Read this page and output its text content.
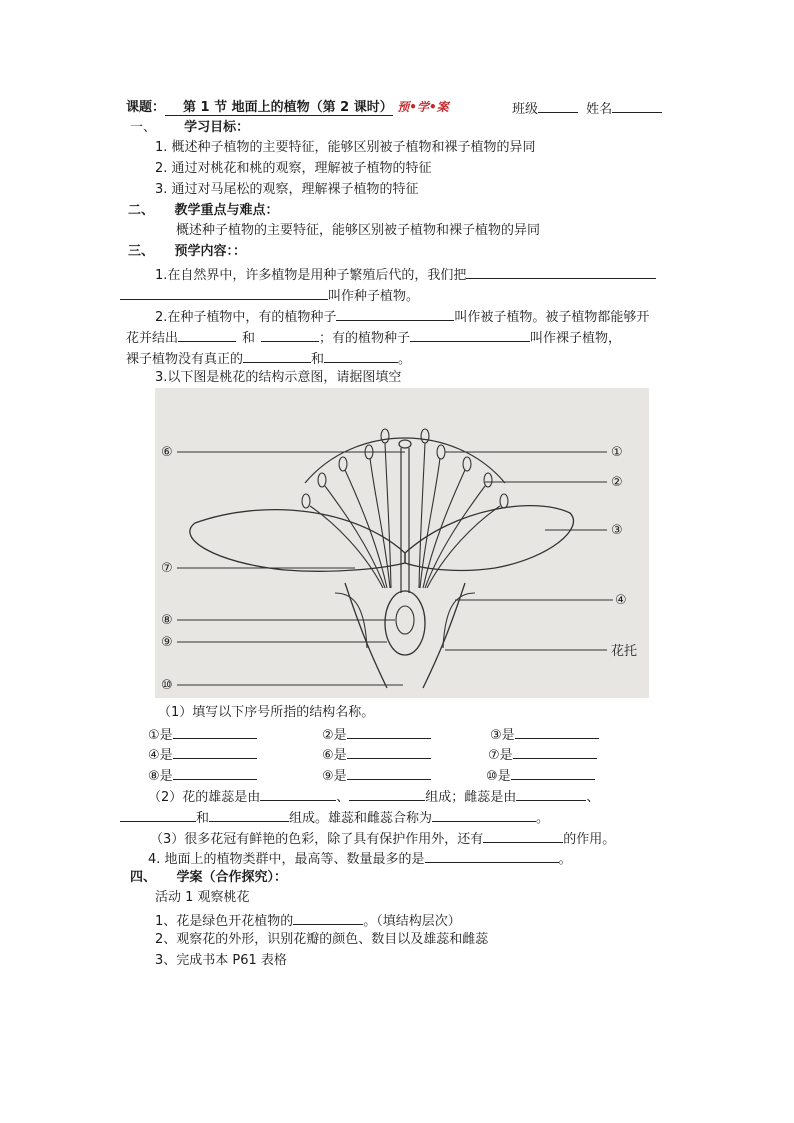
课题： 第 1 节 地面上的植物（第 2 课时） 预•学•案	班级	姓名
一、 学习目标：
1. 概述种子植物的主要特征，能够区别被子植物和裸子植物的异同
2. 通过对桃花和桃的观察，理解被子植物的特征
3. 通过对马尾松的观察，理解裸子植物的特征
二、 教学重点与难点：
概述种子植物的主要特征，能够区别被子植物和裸子植物的异同
三、 预学内容：：
1.在自然界中，许多植物是用种子繁殖后代的，我们把
叫作种子植物。
2.在种子植物中，有的植物种子	叫作被子植物。被子植物都能够开
花并结出	和	；有的植物种子	叫作裸子植物，
裸子植物没有真正的	和	。
3.以下图是桃花的结构示意图，请据图填空
⑥	①
②
③
⑦
④
⑧
⑨
花托
⑩
（1）填写以下序号所指的结构名称。
①是	②是	③是
④是	⑥是	⑦是
⑧是	⑨是	⑩是
（2）花的雄蕊是由	、	组成；雌蕊是由	、
和	组成。雄蕊和雌蕊合称为	。
（3）很多花冠有鲜艳的色彩，除了具有保护作用外，还有	的作用。
4. 地面上的植物类群中，最高等、数量最多的是	。
四、 学案（合作探究）：
活动 1 观察桃花
1、花是绿色开花植物的	。（填结构层次）
2、观察花的外形，识别花瓣的颜色、数目以及雄蕊和雌蕊
3、完成书本 P61 表格
